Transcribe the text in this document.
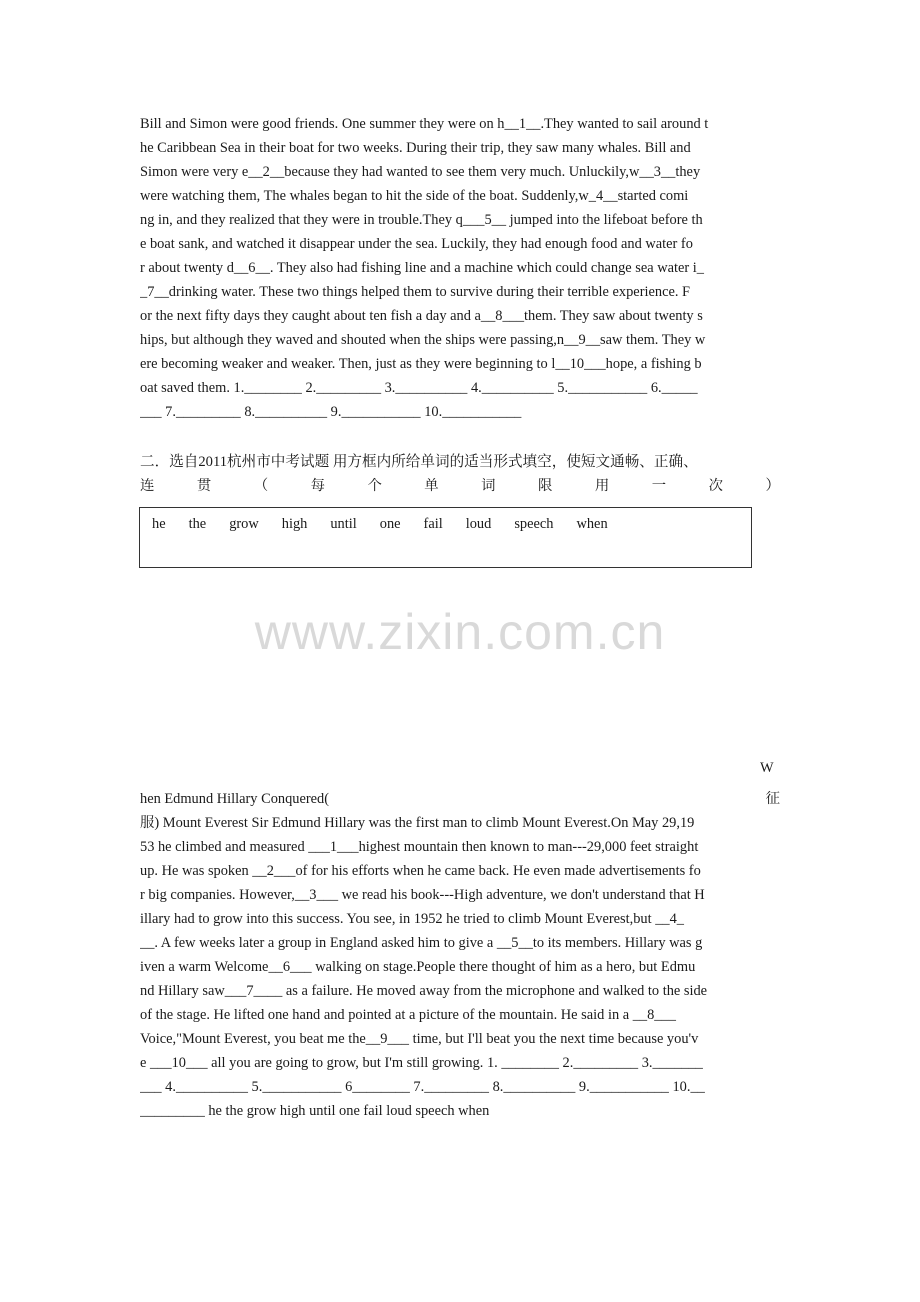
Bill and Simon were good friends. One summer they were on h__1__.They wanted to sail around t
he Caribbean Sea in their boat for two weeks. During their trip, they saw many whales. Bill and
Simon were very e__2__because they had wanted to see them very much. Unluckily,w__3__they
were watching them, The whales began to hit the side of the boat. Suddenly,w_4__started comi
ng in, and they realized that they were in trouble.They q___5__ jumped into the lifeboat before th
e boat sank, and watched it disappear under the sea. Luckily, they had enough food and water fo
r about twenty d__6__. They also had fishing line and a machine which could change sea water i_
_7__drinking water. These two things helped them to survive during their terrible experience. F
or the next fifty days they caught about ten fish a day and a__8___them. They saw about twenty s
hips, but although they waved and shouted when the ships were passing,n__9__saw them. They w
ere becoming weaker and weaker. Then, just as they were beginning to l__10___hope, a fishing b
oat saved them. 1.________ 2._________ 3.__________ 4.__________ 5.___________ 6._____
___ 7._________ 8.__________ 9.___________ 10.___________
二．选自2011杭州市中考试题 用方框内所给单词的适当形式填空，使短文通畅、正确、
连	贯	（	每	个	单	词	限	用	一	次	）
he the grow high until one fail loud speech when
www.zixin.com.cn
W
hen Edmund Hillary Conquered(	征
服) Mount Everest Sir Edmund Hillary was the first man to climb Mount Everest.On May 29,19
53 he climbed and measured ___1___highest mountain then known to man---29,000 feet straight
up. He was spoken __2___of for his efforts when he came back. He even made advertisements fo
r big companies. However,__3___ we read his book---High adventure, we don't understand that H
illary had to grow into this success. You see, in 1952 he tried to climb Mount Everest,but __4_
__. A few weeks later a group in England asked him to give a __5__to its members. Hillary was g
iven a warm Welcome__6___ walking on stage.People there thought of him as a hero, but Edmu
nd Hillary saw___7____ as a failure. He moved away from the microphone and walked to the side
of the stage. He lifted one hand and pointed at a picture of the mountain. He said in a __8___
Voice,"Mount Everest, you beat me the__9___ time, but I'll beat you the next time because you'v
e ___10___ all you are going to grow, but I'm still growing. 1. ________ 2._________ 3._______
___ 4.__________ 5.___________ 6________ 7._________ 8.__________ 9.___________ 10.__
_________ he the grow high until one fail loud speech when
